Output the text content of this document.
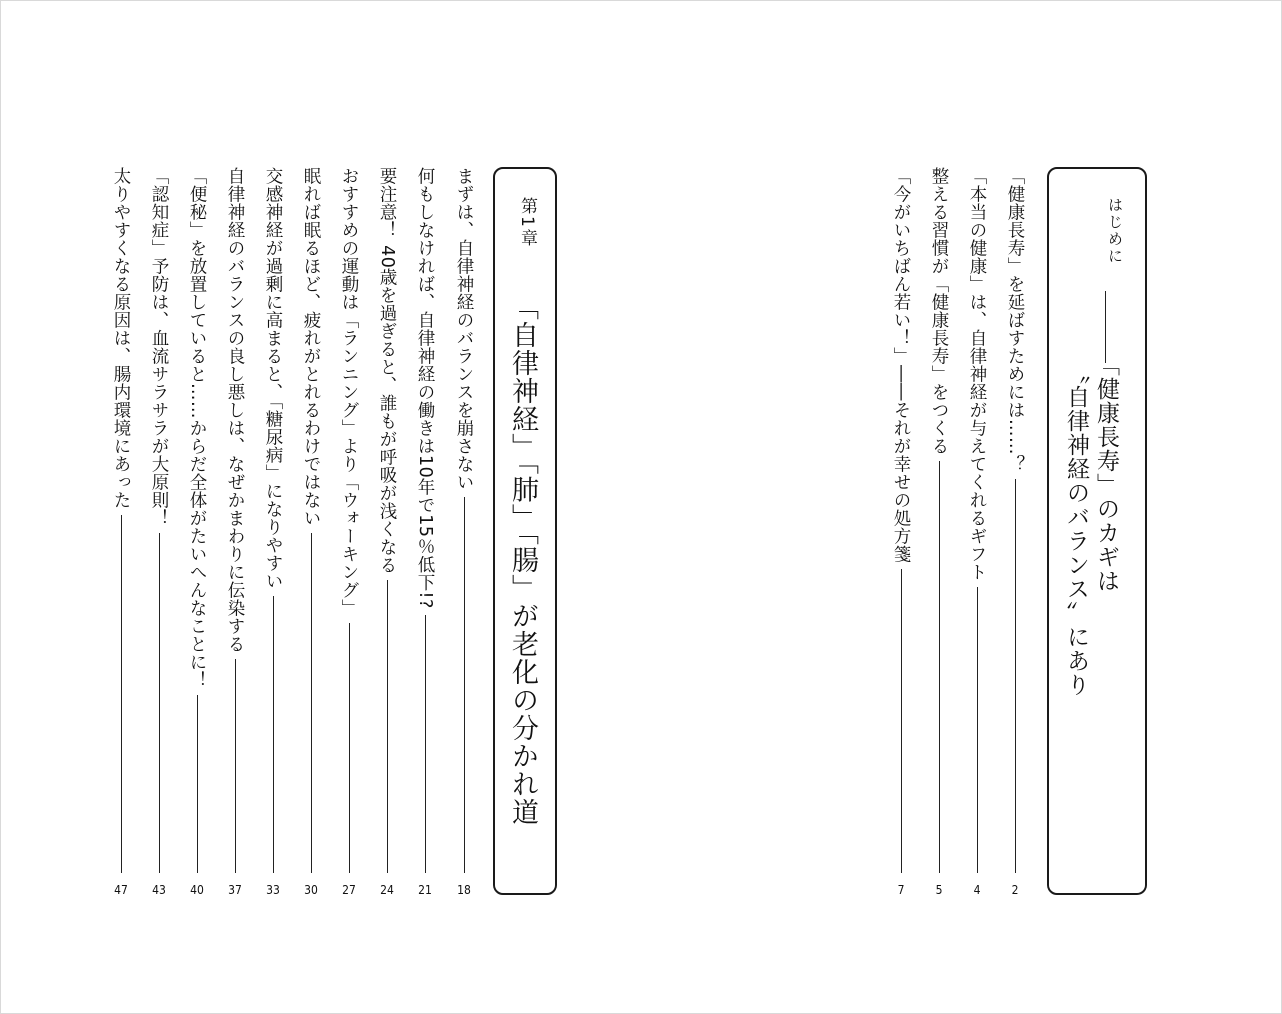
はじめに
「健康長寿」のカギは
〝自律神経のバランス〟にあり
「健康長寿」を延ばすためには……？
2
「本当の健康」は、自律神経が与えてくれるギフト
4
整える習慣が「健康長寿」をつくる
5
「今がいちばん若い！」――それが幸せの処方箋
7
第1章
「自律神経」「肺」「腸」が老化の分かれ道
まずは、自律神経のバランスを崩さない
18
何もしなければ、自律神経の働きは10年で15％低下!?
21
要注意！ 40歳を過ぎると、誰もが呼吸が浅くなる
24
おすすめの運動は「ランニング」より「ウォーキング」
27
眠れば眠るほど、疲れがとれるわけではない
30
交感神経が過剰に高まると、「糖尿病」になりやすい
33
自律神経のバランスの良し悪しは、なぜかまわりに伝染する
37
「便秘」を放置していると……からだ全体がたいへんなことに！
40
「認知症」予防は、血流サラサラが大原則！
43
太りやすくなる原因は、腸内環境にあった
47
